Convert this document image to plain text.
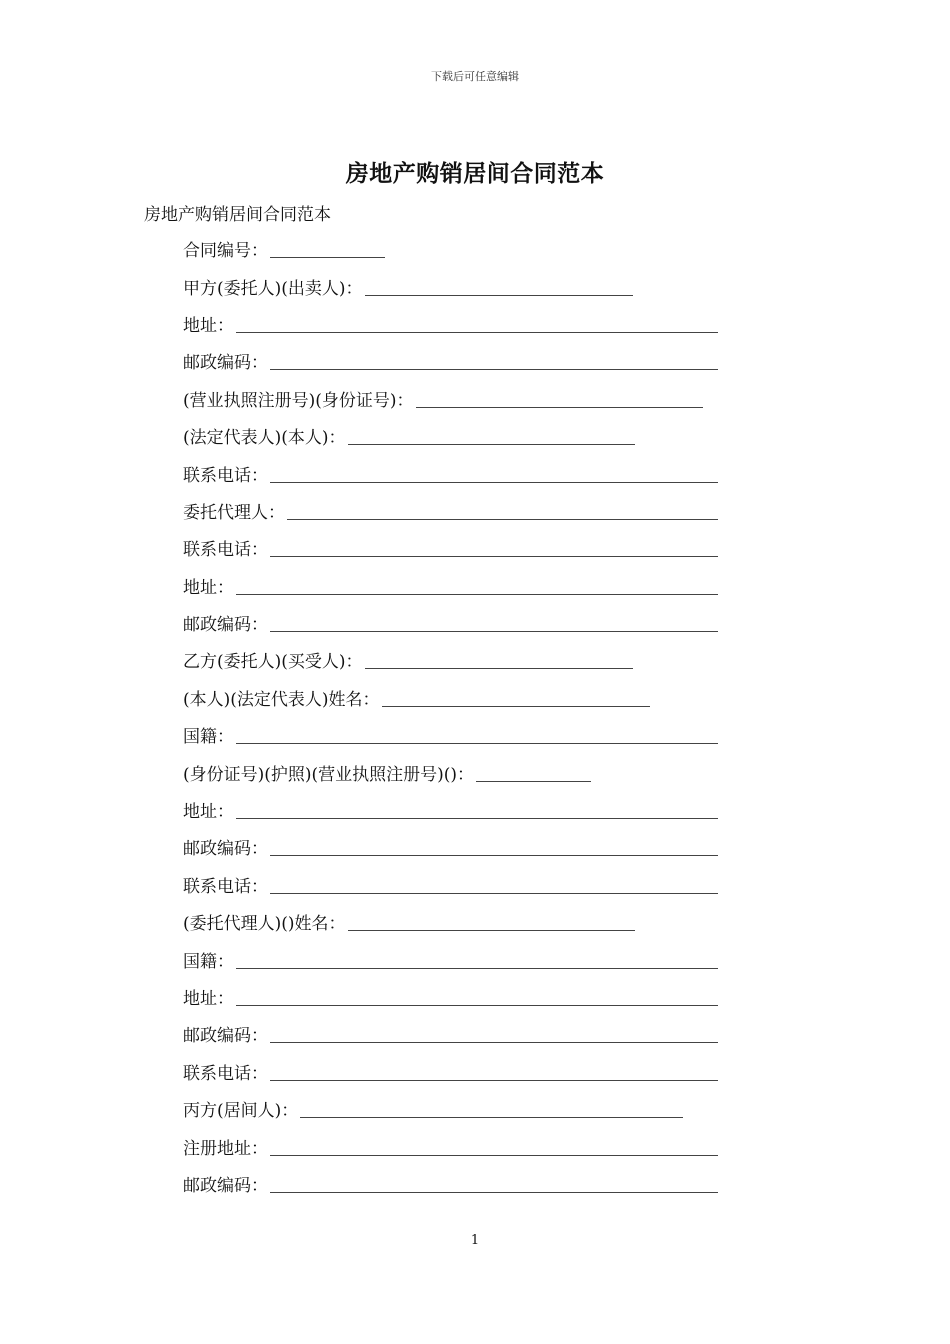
下载后可任意编辑
房地产购销居间合同范本
房地产购销居间合同范本
合同编号：
甲方(委托人)(出卖人)：
地址：
邮政编码：
(营业执照注册号)(身份证号)：
(法定代表人)(本人)：
联系电话：
委托代理人：
联系电话：
地址：
邮政编码：
乙方(委托人)(买受人)：
(本人)(法定代表人)姓名：
国籍：
(身份证号)(护照)(营业执照注册号)()：
地址：
邮政编码：
联系电话：
(委托代理人)()姓名：
国籍：
地址：
邮政编码：
联系电话：
丙方(居间人)：
注册地址：
邮政编码：
1
